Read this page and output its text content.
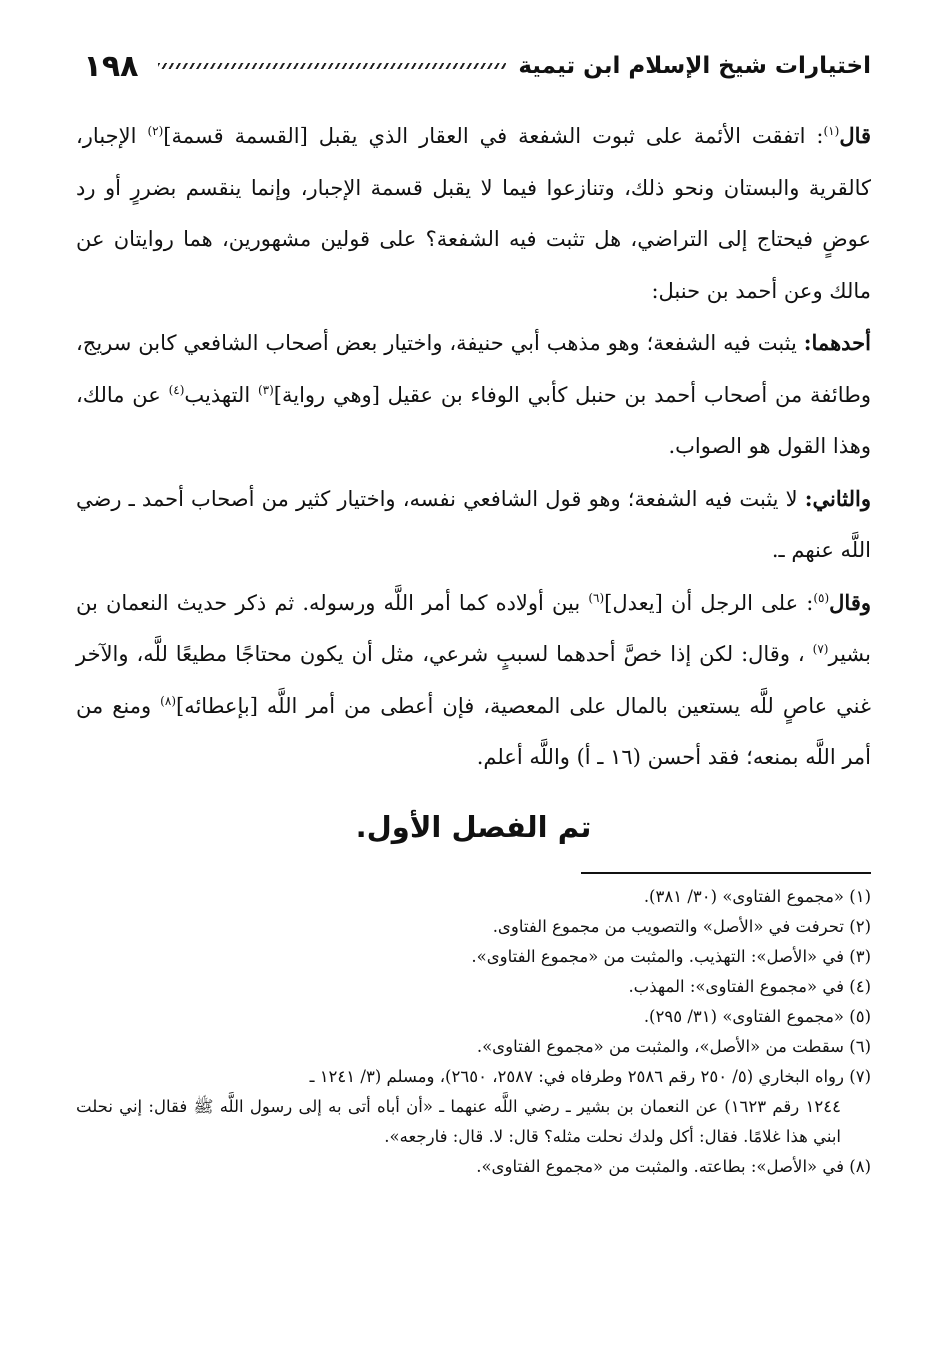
١٩٨	اختيارات شيخ الإسلام ابن تيمية

قال$^{(١)}$: اتفقت الأئمة على ثبوت الشفعة في العقار الذي يقبل [القسمة قسمة]$^{(٢)}$ الإجبار، كالقرية والبستان ونحو ذلك، وتنازعوا فيما لا يقبل قسمة الإجبار، وإنما ينقسم بضررٍ أو رد عوضٍ فيحتاج إلى التراضي، هل تثبت فيه الشفعة؟ على قولين مشهورين، هما روايتان عن مالك وعن أحمد بن حنبل:

أحدهما: يثبت فيه الشفعة؛ وهو مذهب أبي حنيفة، واختيار بعض أصحاب الشافعي كابن سريج، وطائفة من أصحاب أحمد بن حنبل كأبي الوفاء بن عقيل [وهي رواية]$^{(٣)}$ التهذيب$^{(٤)}$ عن مالك، وهذا القول هو الصواب.

والثاني: لا يثبت فيه الشفعة؛ وهو قول الشافعي نفسه، واختيار كثير من أصحاب أحمد ـ رضي اللَّه عنهم ـ.

وقال$^{(٥)}$: على الرجل أن [يعدل]$^{(٦)}$ بين أولاده كما أمر اللَّه ورسوله. ثم ذكر حديث النعمان بن بشير$^{(٧)}$ ، وقال: لكن إذا خصَّ أحدهما لسببٍ شرعي، مثل أن يكون محتاجًا مطيعًا للَّه، والآخر غني عاصٍ للَّه يستعين بالمال على المعصية، فإن أعطى من أمر اللَّه [بإعطائه]$^{(٨)}$ ومنع من أمر اللَّه بمنعه؛ فقد أحسن (١٦ ـ أ) واللَّه أعلم.

تم الفصل الأول.

(١) «مجموع الفتاوى» (٣٠/ ٣٨١).

(٢) تحرفت في «الأصل» والتصويب من مجموع الفتاوى.

(٣) في «الأصل»: التهذيب. والمثبت من «مجموع الفتاوى».

(٤) في «مجموع الفتاوى»: المهذب.

(٥) «مجموع الفتاوى» (٣١/ ٢٩٥).

(٦) سقطت من «الأصل»، والمثبت من «مجموع الفتاوى».

(٧) رواه البخاري (٥/ ٢٥٠ رقم ٢٥٨٦ وطرفاه في: ٢٥٨٧، ٢٦٥٠)، ومسلم (٣/ ١٢٤١ ـ

١٢٤٤ رقم ١٦٢٣) عن النعمان بن بشير ـ رضي اللَّه عنهما ـ «أن أباه أتى به إلى رسول اللَّه ﷺ فقال: إني نحلت ابني هذا غلامًا. فقال: أكل ولدك نحلت مثله؟ قال: لا. قال: فارجعه».

(٨) في «الأصل»: بطاعته. والمثبت من «مجموع الفتاوى».
